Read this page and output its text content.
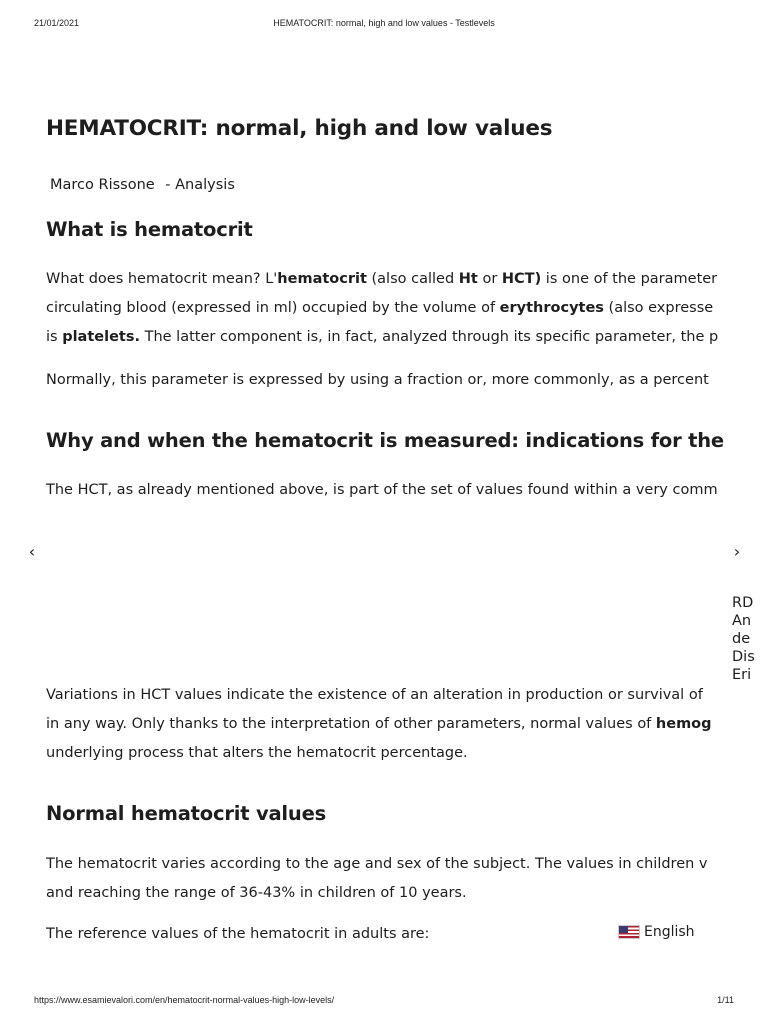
21/01/2021	HEMATOCRIT: normal, high and low values - Testlevels
HEMATOCRIT: normal, high and low values
Marco Rissone - Analysis
What is hematocrit
What does hematocrit mean? L'hematocrit (also called Ht or HCT) is one of the parameter
circulating blood (expressed in ml) occupied by the volume of erythrocytes (also expresse
is platelets. The latter component is, in fact, analyzed through its specific parameter, the p
Normally, this parameter is expressed by using a fraction or, more commonly, as a percent
Why and when the hematocrit is measured: indications for the
The HCT, as already mentioned above, is part of the set of values found within a very comm
Variations in HCT values indicate the existence of an alteration in production or survival of
in any way. Only thanks to the interpretation of other parameters, normal values of hemog
underlying process that alters the hematocrit percentage.
Normal hematocrit values
The hematocrit varies according to the age and sex of the subject. The values in children v
and reaching the range of 36-43% in children of 10 years.
The reference values of the hematocrit in adults are:
‹	›
RD
An
de
Dis
Eri
English
https://www.esamievalori.com/en/hematocrit-normal-values-high-low-levels/	1/11
